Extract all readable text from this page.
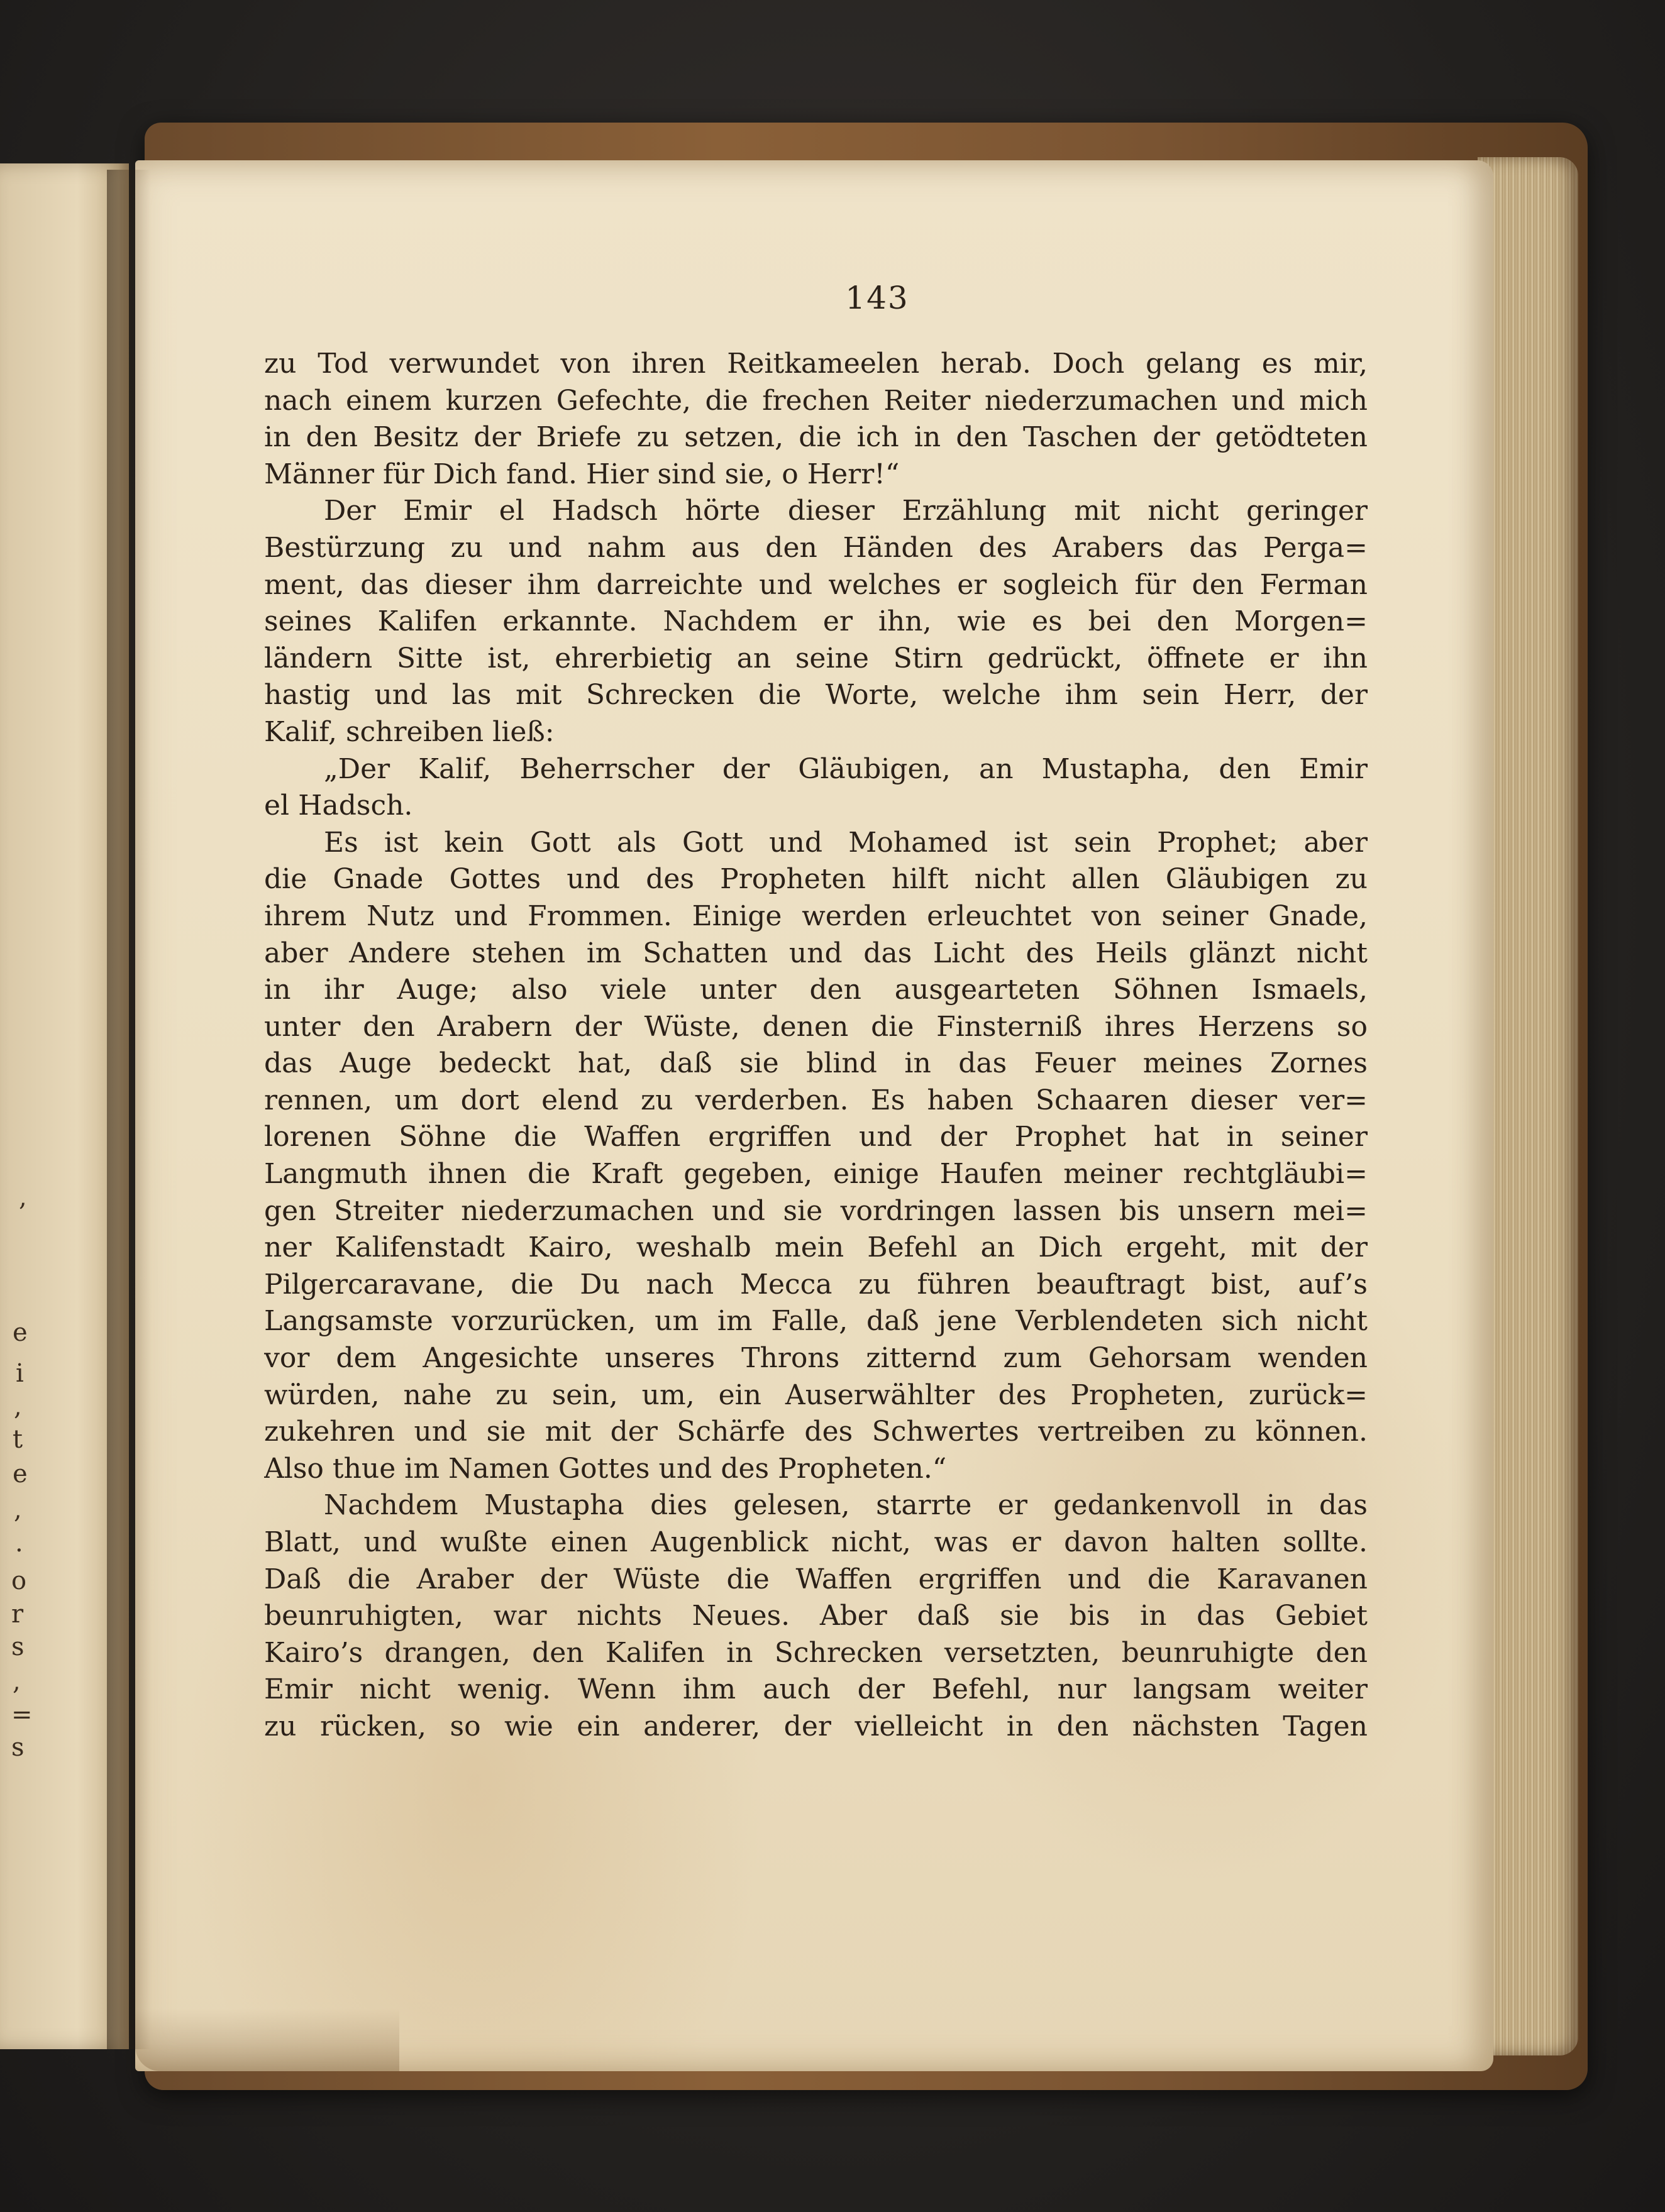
,
e
i
,
t
e
,
.
o
r
s
,
=
s
143
zu Tod verwundet von ihren Reitkameelen herab. Doch gelang es mir,
nach einem kurzen Gefechte, die frechen Reiter niederzumachen und mich
in den Besitz der Briefe zu setzen, die ich in den Taschen der getödteten
Männer für Dich fand. Hier sind sie, o Herr!“
Der Emir el Hadsch hörte dieser Erzählung mit nicht geringer
Bestürzung zu und nahm aus den Händen des Arabers das Perga=
ment, das dieser ihm darreichte und welches er sogleich für den Ferman
seines Kalifen erkannte. Nachdem er ihn, wie es bei den Morgen=
ländern Sitte ist, ehrerbietig an seine Stirn gedrückt, öffnete er ihn
hastig und las mit Schrecken die Worte, welche ihm sein Herr, der
Kalif, schreiben ließ:
„Der Kalif, Beherrscher der Gläubigen, an Mustapha, den Emir
el Hadsch.
Es ist kein Gott als Gott und Mohamed ist sein Prophet; aber
die Gnade Gottes und des Propheten hilft nicht allen Gläubigen zu
ihrem Nutz und Frommen. Einige werden erleuchtet von seiner Gnade,
aber Andere stehen im Schatten und das Licht des Heils glänzt nicht
in ihr Auge; also viele unter den ausgearteten Söhnen Ismaels,
unter den Arabern der Wüste, denen die Finsterniß ihres Herzens so
das Auge bedeckt hat, daß sie blind in das Feuer meines Zornes
rennen, um dort elend zu verderben. Es haben Schaaren dieser ver=
lorenen Söhne die Waffen ergriffen und der Prophet hat in seiner
Langmuth ihnen die Kraft gegeben, einige Haufen meiner rechtgläubi=
gen Streiter niederzumachen und sie vordringen lassen bis unsern mei=
ner Kalifenstadt Kairo, weshalb mein Befehl an Dich ergeht, mit der
Pilgercaravane, die Du nach Mecca zu führen beauftragt bist, auf’s
Langsamste vorzurücken, um im Falle, daß jene Verblendeten sich nicht
vor dem Angesichte unseres Throns zitternd zum Gehorsam wenden
würden, nahe zu sein, um, ein Auserwählter des Propheten, zurück=
zukehren und sie mit der Schärfe des Schwertes vertreiben zu können.
Also thue im Namen Gottes und des Propheten.“
Nachdem Mustapha dies gelesen, starrte er gedankenvoll in das
Blatt, und wußte einen Augenblick nicht, was er davon halten sollte.
Daß die Araber der Wüste die Waffen ergriffen und die Karavanen
beunruhigten, war nichts Neues. Aber daß sie bis in das Gebiet
Kairo’s drangen, den Kalifen in Schrecken versetzten, beunruhigte den
Emir nicht wenig. Wenn ihm auch der Befehl, nur langsam weiter
zu rücken, so wie ein anderer, der vielleicht in den nächsten Tagen
